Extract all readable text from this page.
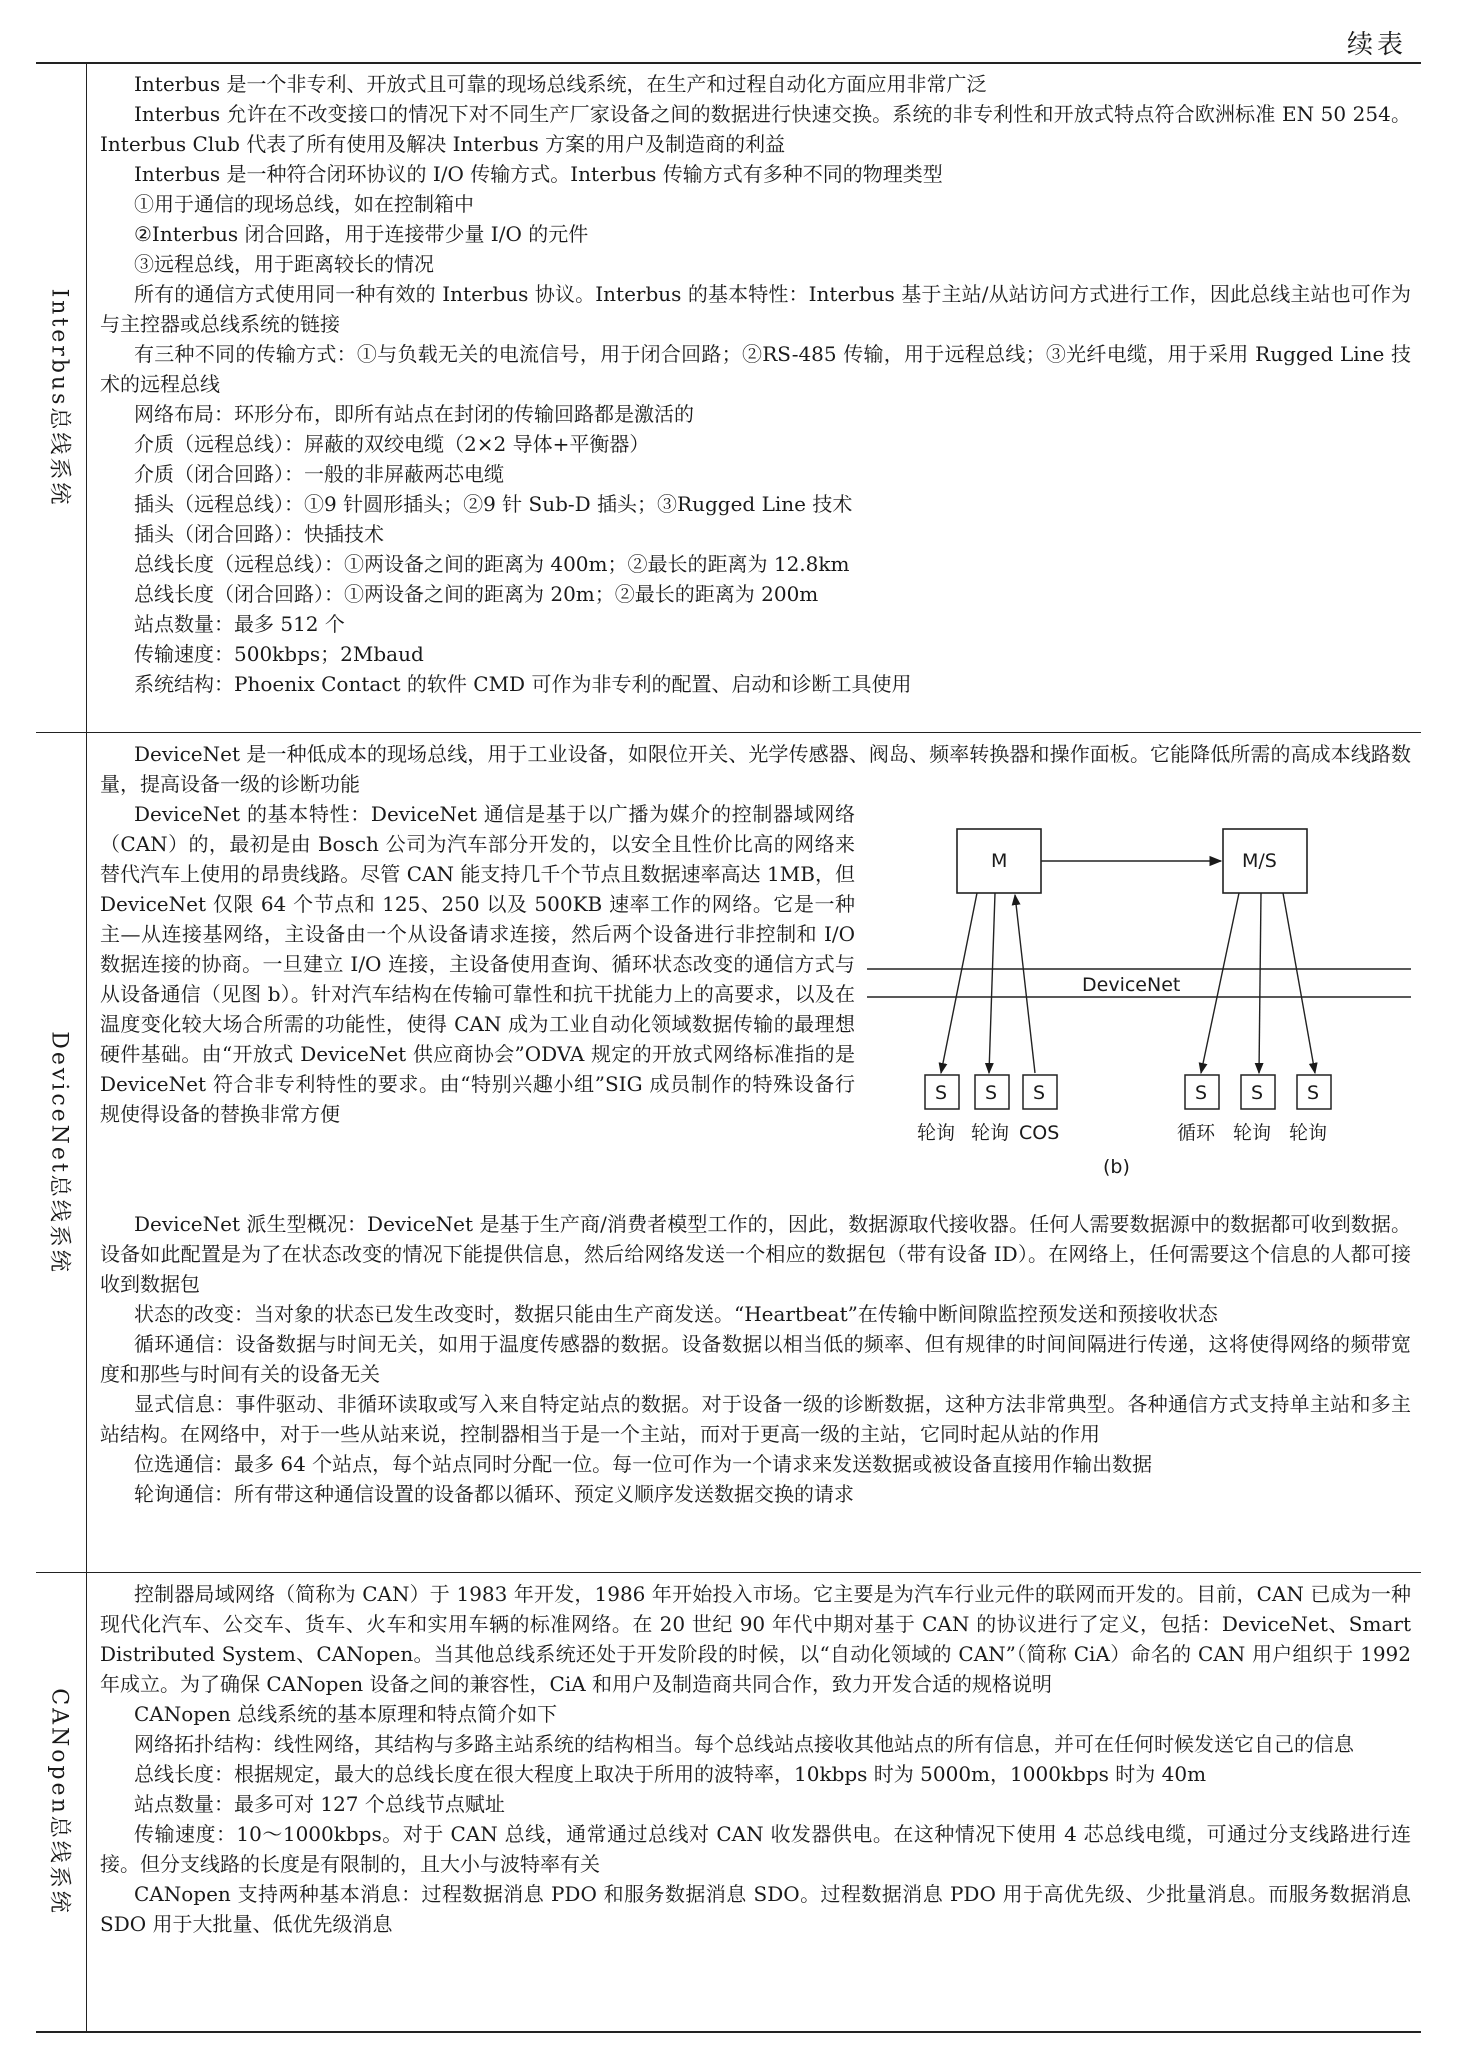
续表
Interbus总线系统

Interbus 是一个非专利、开放式且可靠的现场总线系统，在生产和过程自动化方面应用非常广泛

Interbus 允许在不改变接口的情况下对不同生产厂家设备之间的数据进行快速交换。系统的非专利性和开放式特点符合欧洲标准 EN 50 254。Interbus Club 代表了所有使用及解决 Interbus 方案的用户及制造商的利益

Interbus 是一种符合闭环协议的 I/O 传输方式。Interbus 传输方式有多种不同的物理类型

①用于通信的现场总线，如在控制箱中

②Interbus 闭合回路，用于连接带少量 I/O 的元件

③远程总线，用于距离较长的情况

所有的通信方式使用同一种有效的 Interbus 协议。Interbus 的基本特性：Interbus 基于主站/从站访问方式进行工作，因此总线主站也可作为与主控器或总线系统的链接

有三种不同的传输方式：①与负载无关的电流信号，用于闭合回路；②RS-485 传输，用于远程总线；③光纤电缆，用于采用 Rugged Line 技术的远程总线

网络布局：环形分布，即所有站点在封闭的传输回路都是激活的

介质（远程总线）：屏蔽的双绞电缆（2×2 导体+平衡器）

介质（闭合回路）：一般的非屏蔽两芯电缆

插头（远程总线）：①9 针圆形插头；②9 针 Sub-D 插头；③Rugged Line 技术

插头（闭合回路）：快插技术

总线长度（远程总线）：①两设备之间的距离为 400m；②最长的距离为 12.8km

总线长度（闭合回路）：①两设备之间的距离为 20m；②最长的距离为 200m

站点数量：最多 512 个

传输速度：500kbps；2Mbaud

系统结构：Phoenix Contact 的软件 CMD 可作为非专利的配置、启动和诊断工具使用

DeviceNet总线系统

DeviceNet 是一种低成本的现场总线，用于工业设备，如限位开关、光学传感器、阀岛、频率转换器和操作面板。它能降低所需的高成本线路数量，提高设备一级的诊断功能

DeviceNet
M	M/S
S S S	S S S
轮询 轮询 COS	循环 轮询 轮询
(b)

DeviceNet 的基本特性：DeviceNet 通信是基于以广播为媒介的控制器域网络（CAN）的，最初是由 Bosch 公司为汽车部分开发的，以安全且性价比高的网络来替代汽车上使用的昂贵线路。尽管 CAN 能支持几千个节点且数据速率高达 1MB，但 DeviceNet 仅限 64 个节点和 125、250 以及 500KB 速率工作的网络。它是一种主—从连接基网络，主设备由一个从设备请求连接，然后两个设备进行非控制和 I/O 数据连接的协商。一旦建立 I/O 连接，主设备使用查询、循环状态改变的通信方式与从设备通信（见图 b）。针对汽车结构在传输可靠性和抗干扰能力上的高要求，以及在温度变化较大场合所需的功能性，使得 CAN 成为工业自动化领域数据传输的最理想硬件基础。由“开放式 DeviceNet 供应商协会”ODVA 规定的开放式网络标准指的是 DeviceNet 符合非专利特性的要求。由“特别兴趣小组”SIG 成员制作的特殊设备行规使得设备的替换非常方便

DeviceNet 派生型概况：DeviceNet 是基于生产商/消费者模型工作的，因此，数据源取代接收器。任何人需要数据源中的数据都可收到数据。设备如此配置是为了在状态改变的情况下能提供信息，然后给网络发送一个相应的数据包（带有设备 ID）。在网络上，任何需要这个信息的人都可接收到数据包

状态的改变：当对象的状态已发生改变时，数据只能由生产商发送。“Heartbeat”在传输中断间隙监控预发送和预接收状态

循环通信：设备数据与时间无关，如用于温度传感器的数据。设备数据以相当低的频率、但有规律的时间间隔进行传递，这将使得网络的频带宽度和那些与时间有关的设备无关

显式信息：事件驱动、非循环读取或写入来自特定站点的数据。对于设备一级的诊断数据，这种方法非常典型。各种通信方式支持单主站和多主站结构。在网络中，对于一些从站来说，控制器相当于是一个主站，而对于更高一级的主站，它同时起从站的作用

位选通信：最多 64 个站点，每个站点同时分配一位。每一位可作为一个请求来发送数据或被设备直接用作输出数据

轮询通信：所有带这种通信设置的设备都以循环、预定义顺序发送数据交换的请求

CANopen总线系统

控制器局域网络（简称为 CAN）于 1983 年开发，1986 年开始投入市场。它主要是为汽车行业元件的联网而开发的。目前，CAN 已成为一种现代化汽车、公交车、货车、火车和实用车辆的标准网络。在 20 世纪 90 年代中期对基于 CAN 的协议进行了定义，包括：DeviceNet、Smart Distributed System、CANopen。当其他总线系统还处于开发阶段的时候，以“自动化领域的 CAN”（简称 CiA）命名的 CAN 用户组织于 1992 年成立。为了确保 CANopen 设备之间的兼容性，CiA 和用户及制造商共同合作，致力开发合适的规格说明

CANopen 总线系统的基本原理和特点简介如下

网络拓扑结构：线性网络，其结构与多路主站系统的结构相当。每个总线站点接收其他站点的所有信息，并可在任何时候发送它自己的信息

总线长度：根据规定，最大的总线长度在很大程度上取决于所用的波特率，10kbps 时为 5000m，1000kbps 时为 40m

站点数量：最多可对 127 个总线节点赋址

传输速度：10～1000kbps。对于 CAN 总线，通常通过总线对 CAN 收发器供电。在这种情况下使用 4 芯总线电缆，可通过分支线路进行连接。但分支线路的长度是有限制的，且大小与波特率有关

CANopen 支持两种基本消息：过程数据消息 PDO 和服务数据消息 SDO。过程数据消息 PDO 用于高优先级、少批量消息。而服务数据消息 SDO 用于大批量、低优先级消息
